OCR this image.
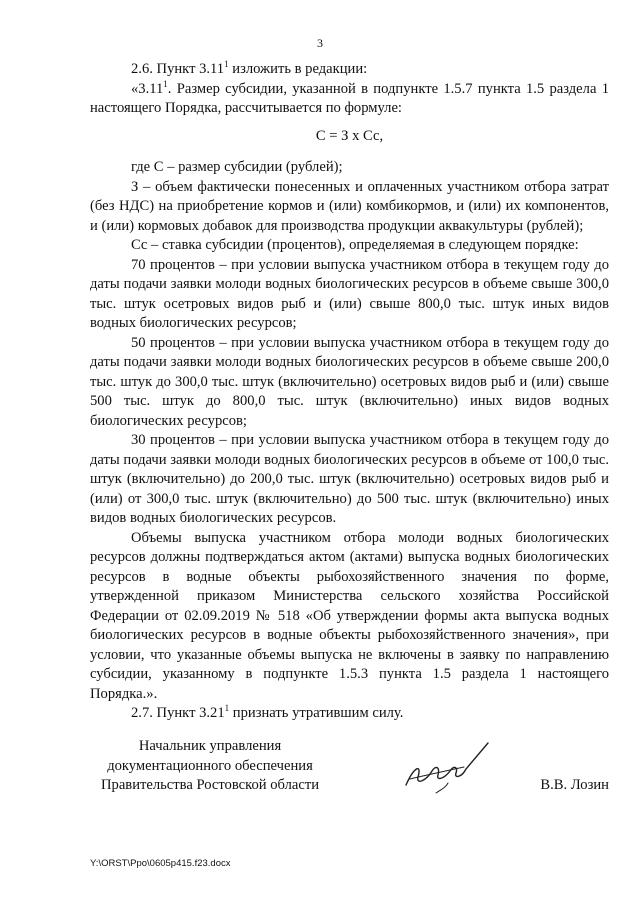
3

2.6. Пункт 3.11$^1$ изложить в редакции:

«3.11$^1$. Размер субсидии, указанной в подпункте 1.5.7 пункта 1.5 раздела 1 настоящего Порядка, рассчитывается по формуле:

С = З х Сс,

где С – размер субсидии (рублей);

З – объем фактически понесенных и оплаченных участником отбора затрат (без НДС) на приобретение кормов и (или) комбикормов, и (или) их компонентов, и (или) кормовых добавок для производства продукции аквакультуры (рублей);

Сс – ставка субсидии (процентов), определяемая в следующем порядке:

70 процентов – при условии выпуска участником отбора в текущем году до даты подачи заявки молоди водных биологических ресурсов в объеме свыше 300,0 тыс. штук осетровых видов рыб и (или) свыше 800,0 тыс. штук иных видов водных биологических ресурсов;

50 процентов – при условии выпуска участником отбора в текущем году до даты подачи заявки молоди водных биологических ресурсов в объеме свыше 200,0 тыс. штук до 300,0 тыс. штук (включительно) осетровых видов рыб и (или) свыше 500 тыс. штук до 800,0 тыс. штук (включительно) иных видов водных биологических ресурсов;

30 процентов – при условии выпуска участником отбора в текущем году до даты подачи заявки молоди водных биологических ресурсов в объеме от 100,0 тыс. штук (включительно) до 200,0 тыс. штук (включительно) осетровых видов рыб и (или) от 300,0 тыс. штук (включительно) до 500 тыс. штук (включительно) иных видов водных биологических ресурсов.

Объемы выпуска участником отбора молоди водных биологических ресурсов должны подтверждаться актом (актами) выпуска водных биологических ресурсов в водные объекты рыбохозяйственного значения по форме, утвержденной приказом Министерства сельского хозяйства Российской Федерации от 02.09.2019 № 518 «Об утверждении формы акта выпуска водных биологических ресурсов в водные объекты рыбохозяйственного значения», при условии, что указанные объемы выпуска не включены в заявку по направлению субсидии, указанному в подпункте 1.5.3 пункта 1.5 раздела 1 настоящего Порядка.».

2.7. Пункт 3.21$^1$ признать утратившим силу.

Начальник управления
документационного обеспечения
Правительства Ростовской области	В.В. Лозин
Y:\ORST\Ppo\0605p415.f23.docx
